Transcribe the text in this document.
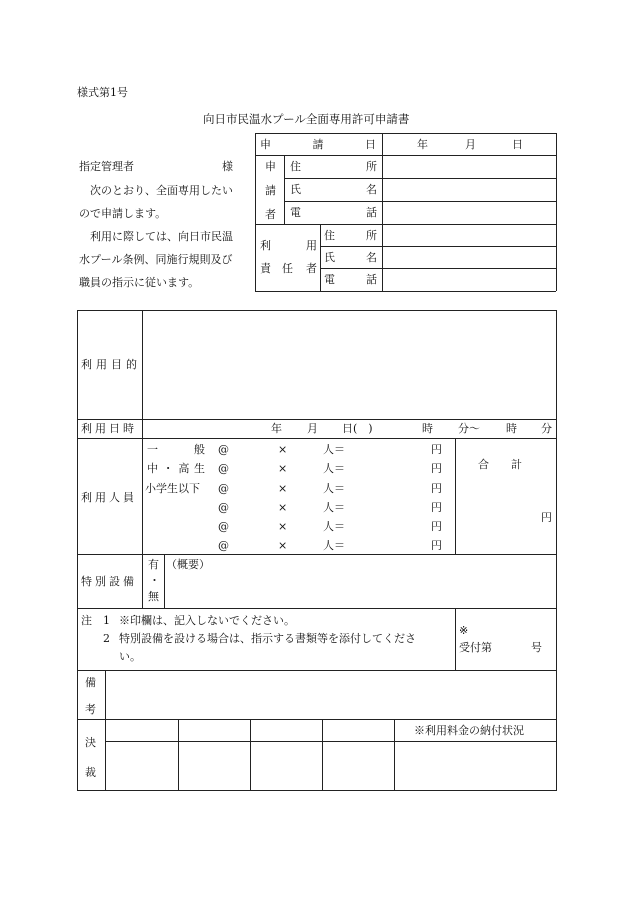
様式第1号
向日市民温水プール全面専用許可申請書
指定管理者	様
次のとおり、全面専用したい
ので申請します。
利用に際しては、向日市民温
水プール条例、同施行規則及び
職員の指示に従います。
申	請	日	年	月	日
申
請
者
住	所
氏	名
電	話
利	用
責 任 者
住	所
氏	名
電	話
利 用 目 的
利用日時	年 月 日(　)	時 分〜 時 分
利用人員
一	般 @	×	人＝	円
中 ・ 高 生 @	×	人＝	円
小学生以下 @	×	人＝	円
@	×	人＝	円
@	×	人＝	円
@	×	人＝	円
合　　計
円
特別設備
有
・
無
（概要）
注 1 ※印欄は、記入しないでください。
2 特別設備を設ける場合は、指示する書類等を添付してくださ
い。
※
受付第	号
備
考
決
裁
※利用料金の納付状況
